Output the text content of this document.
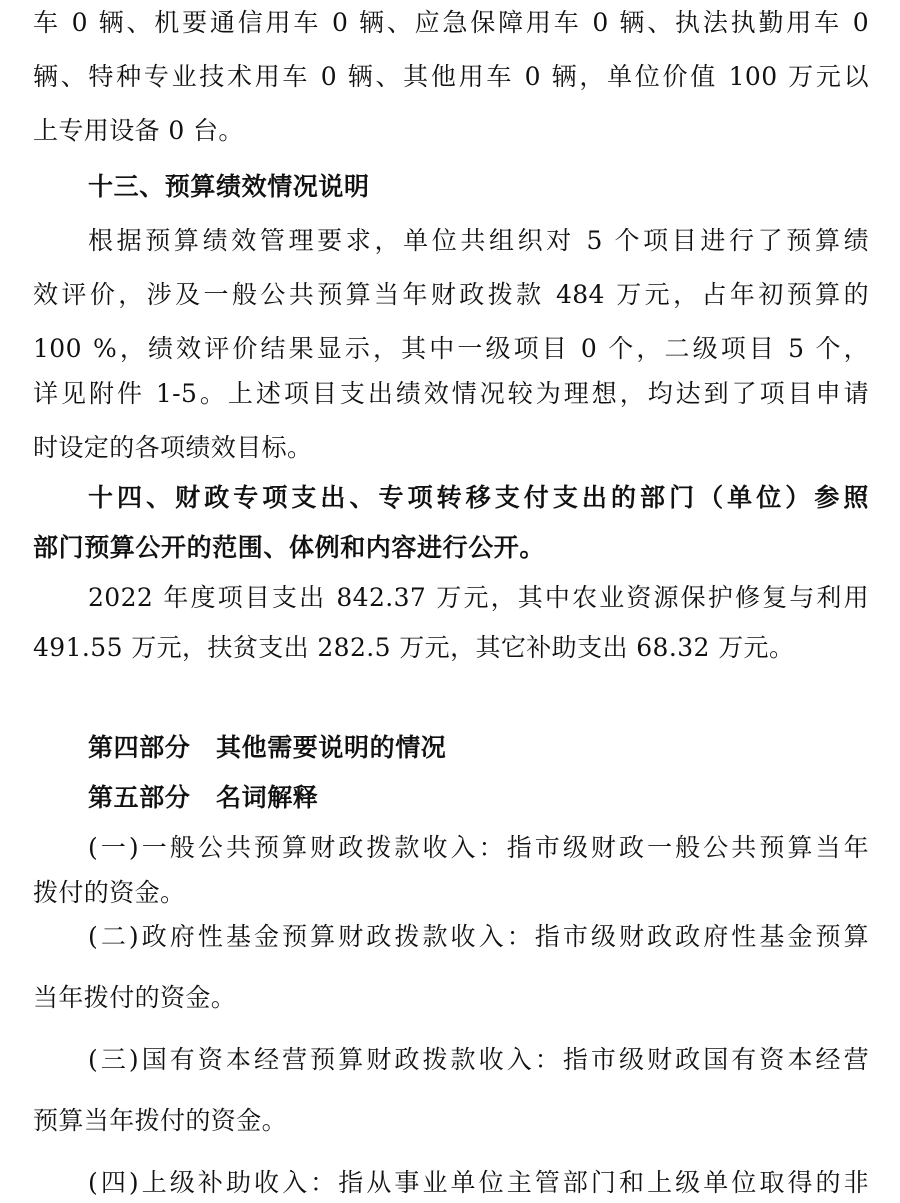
车 0 辆、机要通信用车 0 辆、应急保障用车 0 辆、执法执勤用车 0
辆、特种专业技术用车 0 辆、其他用车 0 辆，单位价值 100 万元以
上专用设备 0 台。
十三、预算绩效情况说明
根据预算绩效管理要求，单位共组织对 5 个项目进行了预算绩
效评价，涉及一般公共预算当年财政拨款 484 万元，占年初预算的
100 %，绩效评价结果显示，其中一级项目 0 个，二级项目 5 个，
详见附件 1-5。上述项目支出绩效情况较为理想，均达到了项目申请
时设定的各项绩效目标。
十四、财政专项支出、专项转移支付支出的部门（单位）参照
部门预算公开的范围、体例和内容进行公开。
2022 年度项目支出 842.37 万元，其中农业资源保护修复与利用
491.55 万元，扶贫支出 282.5 万元，其它补助支出 68.32 万元。
第四部分　其他需要说明的情况
第五部分　名词解释
(一)一般公共预算财政拨款收入：指市级财政一般公共预算当年
拨付的资金。
(二)政府性基金预算财政拨款收入：指市级财政政府性基金预算
当年拨付的资金。
(三)国有资本经营预算财政拨款收入：指市级财政国有资本经营
预算当年拨付的资金。
(四)上级补助收入：指从事业单位主管部门和上级单位取得的非
